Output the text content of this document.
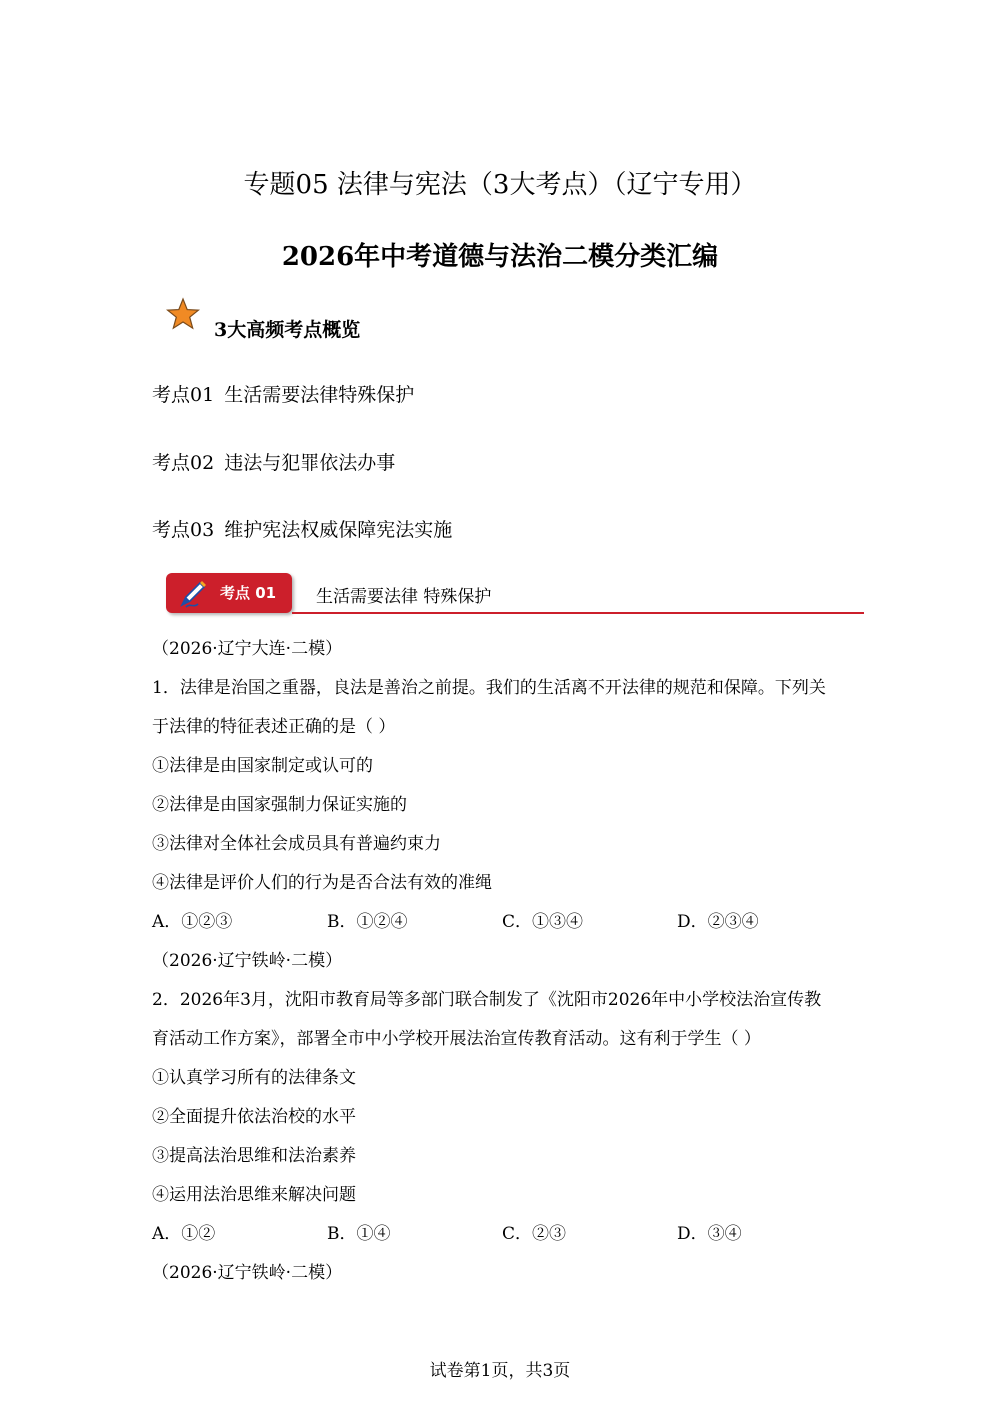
专题05 法律与宪法（3大考点）（辽宁专用）
2026年中考道德与法治二模分类汇编
3大高频考点概览
考点01 生活需要法律特殊保护
考点02 违法与犯罪依法办事
考点03 维护宪法权威保障宪法实施
考点 01 生活需要法律 特殊保护
（2026·辽宁大连·二模）
1．法律是治国之重器，良法是善治之前提。我们的生活离不开法律的规范和保障。下列关
于法律的特征表述正确的是（ ）
①法律是由国家制定或认可的
②法律是由国家强制力保证实施的
③法律对全体社会成员具有普遍约束力
④法律是评价人们的行为是否合法有效的准绳
A．①②③	B．①②④	C．①③④	D．②③④
（2026·辽宁铁岭·二模）
2．2026年3月，沈阳市教育局等多部门联合制发了《沈阳市2026年中小学校法治宣传教
育活动工作方案》，部署全市中小学校开展法治宣传教育活动。这有利于学生（ ）
①认真学习所有的法律条文
②全面提升依法治校的水平
③提高法治思维和法治素养
④运用法治思维来解决问题
A．①②	B．①④	C．②③	D．③④
（2026·辽宁铁岭·二模）
试卷第1页，共3页
